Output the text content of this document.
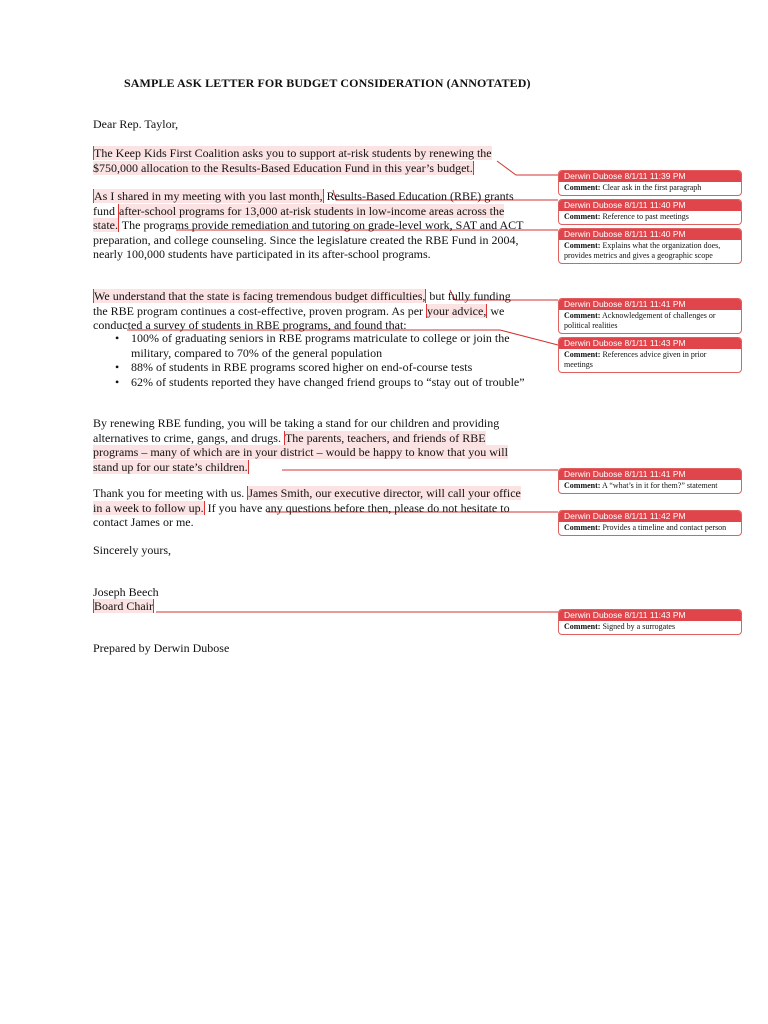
SAMPLE ASK LETTER FOR BUDGET CONSIDERATION (ANNOTATED)

Dear Rep. Taylor,

The Keep Kids First Coalition asks you to support at-risk students by renewing the $750,000 allocation to the Results-Based Education Fund in this year’s budget.

As I shared in my meeting with you last month, Results-Based Education (RBE) grants fund after-school programs for 13,000 at-risk students in low-income areas across the state. The programs provide remediation and tutoring on grade-level work, SAT and ACT preparation, and college counseling. Since the legislature created the RBE Fund in 2004, nearly 100,000 students have participated in its after-school programs.

We understand that the state is facing tremendous budget difficulties, but fully funding the RBE program continues a cost-effective, proven program. As per your advice, we conducted a survey of students in RBE programs, and found that:

• 100% of graduating seniors in RBE programs matriculate to college or join the military, compared to 70% of the general population
• 88% of students in RBE programs scored higher on end-of-course tests
• 62% of students reported they have changed friend groups to “stay out of trouble”

By renewing RBE funding, you will be taking a stand for our children and providing alternatives to crime, gangs, and drugs. The parents, teachers, and friends of RBE programs – many of which are in your district – would be happy to know that you will stand up for our state’s children.

Thank you for meeting with us. James Smith, our executive director, will call your office in a week to follow up. If you have any questions before then, please do not hesitate to contact James or me.

Sincerely yours,

Joseph Beech

Board Chair

Prepared by Derwin Dubose

Derwin Dubose 8/1/11 11:39 PM
Comment: Clear ask in the first paragraph
Derwin Dubose 8/1/11 11:40 PM
Comment: Reference to past meetings
Derwin Dubose 8/1/11 11:40 PM
Comment: Explains what the organization does, provides metrics and gives a geographic scope
Derwin Dubose 8/1/11 11:41 PM
Comment: Acknowledgement of challenges or political realities
Derwin Dubose 8/1/11 11:43 PM
Comment: References advice given in prior meetings
Derwin Dubose 8/1/11 11:41 PM
Comment: A “what’s in it for them?” statement
Derwin Dubose 8/1/11 11:42 PM
Comment: Provides a timeline and contact person
Derwin Dubose 8/1/11 11:43 PM
Comment: Signed by a surrogates
